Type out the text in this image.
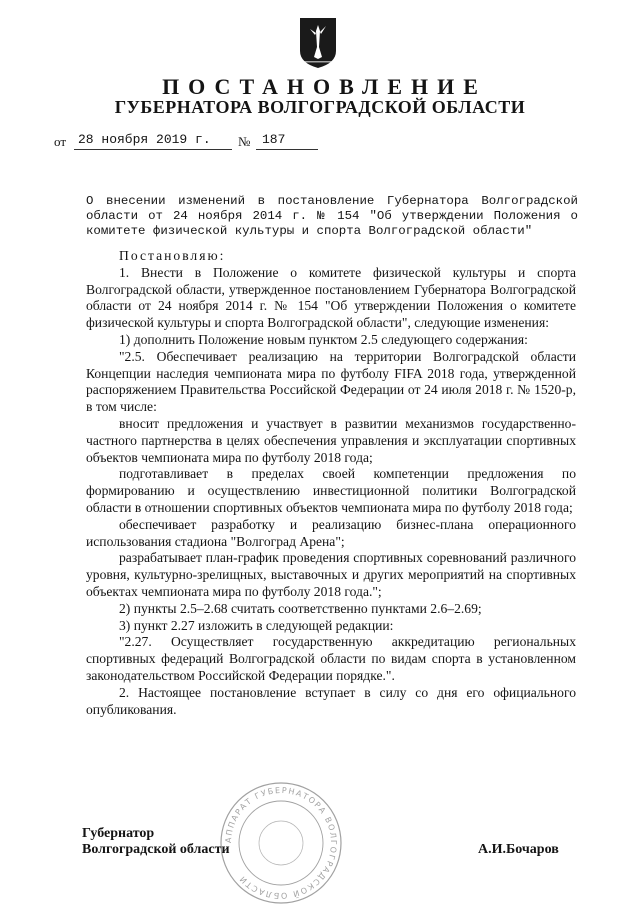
ПОСТАНОВЛЕНИЕ
ГУБЕРНАТОРА ВОЛГОГРАДСКОЙ ОБЛАСТИ
от 28 ноября 2019 г. № 187
О внесении изменений в постановление Губернатора Волгоградской области от 24 ноября 2014 г. № 154 "Об утверждении Положения о комитете физической культуры и спорта Волгоградской области"

Постановляю:

1. Внести в Положение о комитете физической культуры и спорта Волгоградской области, утвержденное постановлением Губернатора Волгоградской области от 24 ноября 2014 г. № 154 "Об утверждении Положения о комитете физической культуры и спорта Волгоградской области", следующие изменения:

1) дополнить Положение новым пунктом 2.5 следующего содержания:

"2.5. Обеспечивает реализацию на территории Волгоградской области Концепции наследия чемпионата мира по футболу FIFA 2018 года, утвержденной распоряжением Правительства Российской Федерации от 24 июля 2018 г. № 1520-р, в том числе:

вносит предложения и участвует в развитии механизмов государственно-частного партнерства в целях обеспечения управления и эксплуатации спортивных объектов чемпионата мира по футболу 2018 года;

подготавливает в пределах своей компетенции предложения по формированию и осуществлению инвестиционной политики Волгоградской области в отношении спортивных объектов чемпионата мира по футболу 2018 года;

обеспечивает разработку и реализацию бизнес-плана операционного использования стадиона "Волгоград Арена";

разрабатывает план-график проведения спортивных соревнований различного уровня, культурно-зрелищных, выставочных и других мероприятий на спортивных объектах чемпионата мира по футболу 2018 года.";

2) пункты 2.5–2.68 считать соответственно пунктами 2.6–2.69;

3) пункт 2.27 изложить в следующей редакции:

"2.27. Осуществляет государственную аккредитацию региональных спортивных федераций Волгоградской области по видам спорта в установленном законодательством Российской Федерации порядке.".

2. Настоящее постановление вступает в силу со дня его официального опубликования.

АППАРАТ ГУБЕРНАТОРА ВОЛГОГРАДСКОЙ ОБЛАСТИ
Губернатор
Волгоградской области	А.И.Бочаров
